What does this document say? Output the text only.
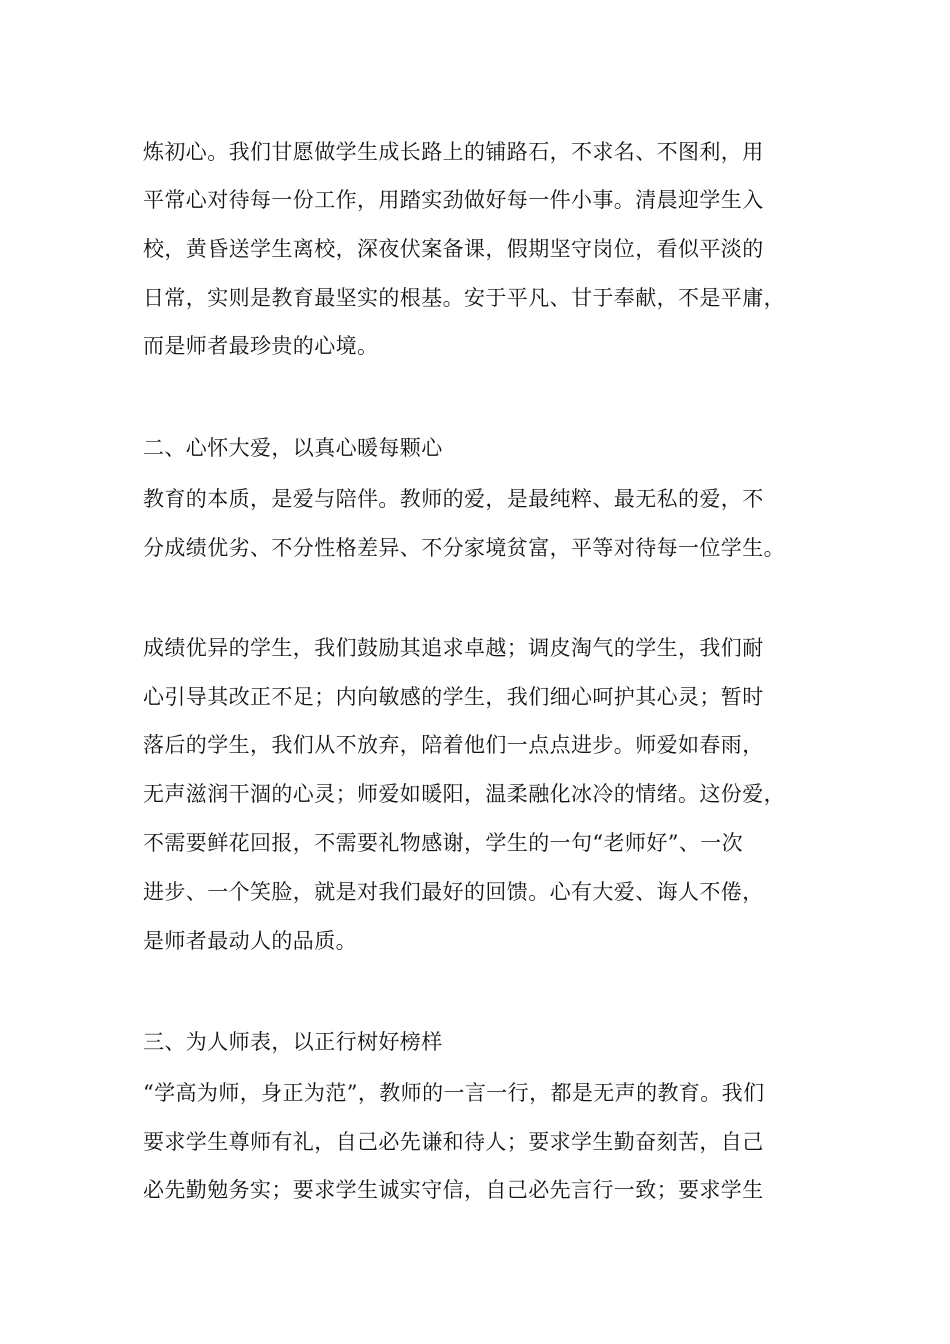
炼初心。我们甘愿做学生成长路上的铺路石，不求名、不图利，用
平常心对待每一份工作，用踏实劲做好每一件小事。清晨迎学生入
校，黄昏送学生离校，深夜伏案备课，假期坚守岗位，看似平淡的
日常，实则是教育最坚实的根基。安于平凡、甘于奉献，不是平庸，
而是师者最珍贵的心境。
二、心怀大爱，以真心暖每颗心
教育的本质，是爱与陪伴。教师的爱，是最纯粹、最无私的爱，不
分成绩优劣、不分性格差异、不分家境贫富，平等对待每一位学生。
成绩优异的学生，我们鼓励其追求卓越；调皮淘气的学生，我们耐
心引导其改正不足；内向敏感的学生，我们细心呵护其心灵；暂时
落后的学生，我们从不放弃，陪着他们一点点进步。师爱如春雨，
无声滋润干涸的心灵；师爱如暖阳，温柔融化冰冷的情绪。这份爱，
不需要鲜花回报，不需要礼物感谢，学生的一句“老师好”、一次
进步、一个笑脸，就是对我们最好的回馈。心有大爱、诲人不倦，
是师者最动人的品质。
三、为人师表，以正行树好榜样
“学高为师，身正为范”，教师的一言一行，都是无声的教育。我们
要求学生尊师有礼，自己必先谦和待人；要求学生勤奋刻苦，自己
必先勤勉务实；要求学生诚实守信，自己必先言行一致；要求学生
